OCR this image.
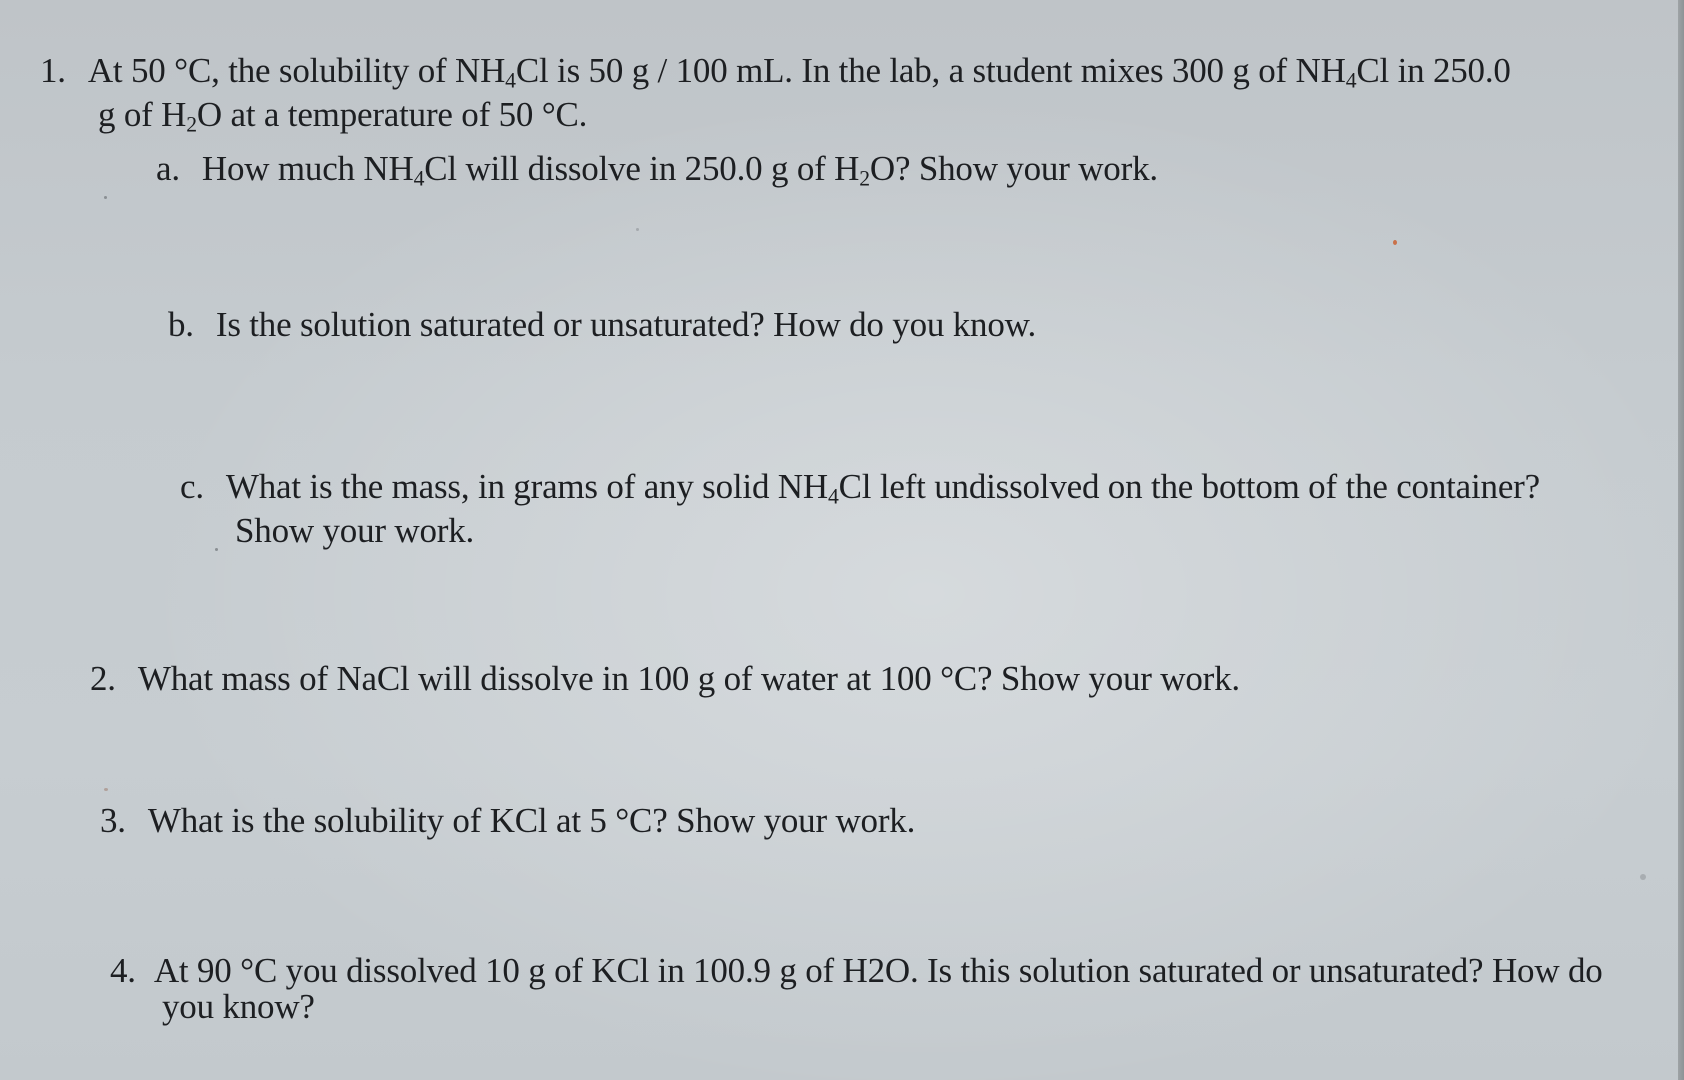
1. At 50 °C, the solubility of $NH_4Cl$ is 50 g / 100 mL. In the lab, a student mixes 300 g of $NH_4Cl$ in 250.0
g of $H_2O$ at a temperature of 50 °C.
a. How much $NH_4Cl$ will dissolve in 250.0 g of $H_2O$? Show your work.
b. Is the solution saturated or unsaturated? How do you know.
c. What is the mass, in grams of any solid $NH_4Cl$ left undissolved on the bottom of the container?
Show your work.
2. What mass of NaCl will dissolve in 100 g of water at 100 °C? Show your work.
3. What is the solubility of KCl at 5 °C? Show your work.
4. At 90 °C you dissolved 10 g of KCl in 100.9 g of H2O. Is this solution saturated or unsaturated? How do
you know?
